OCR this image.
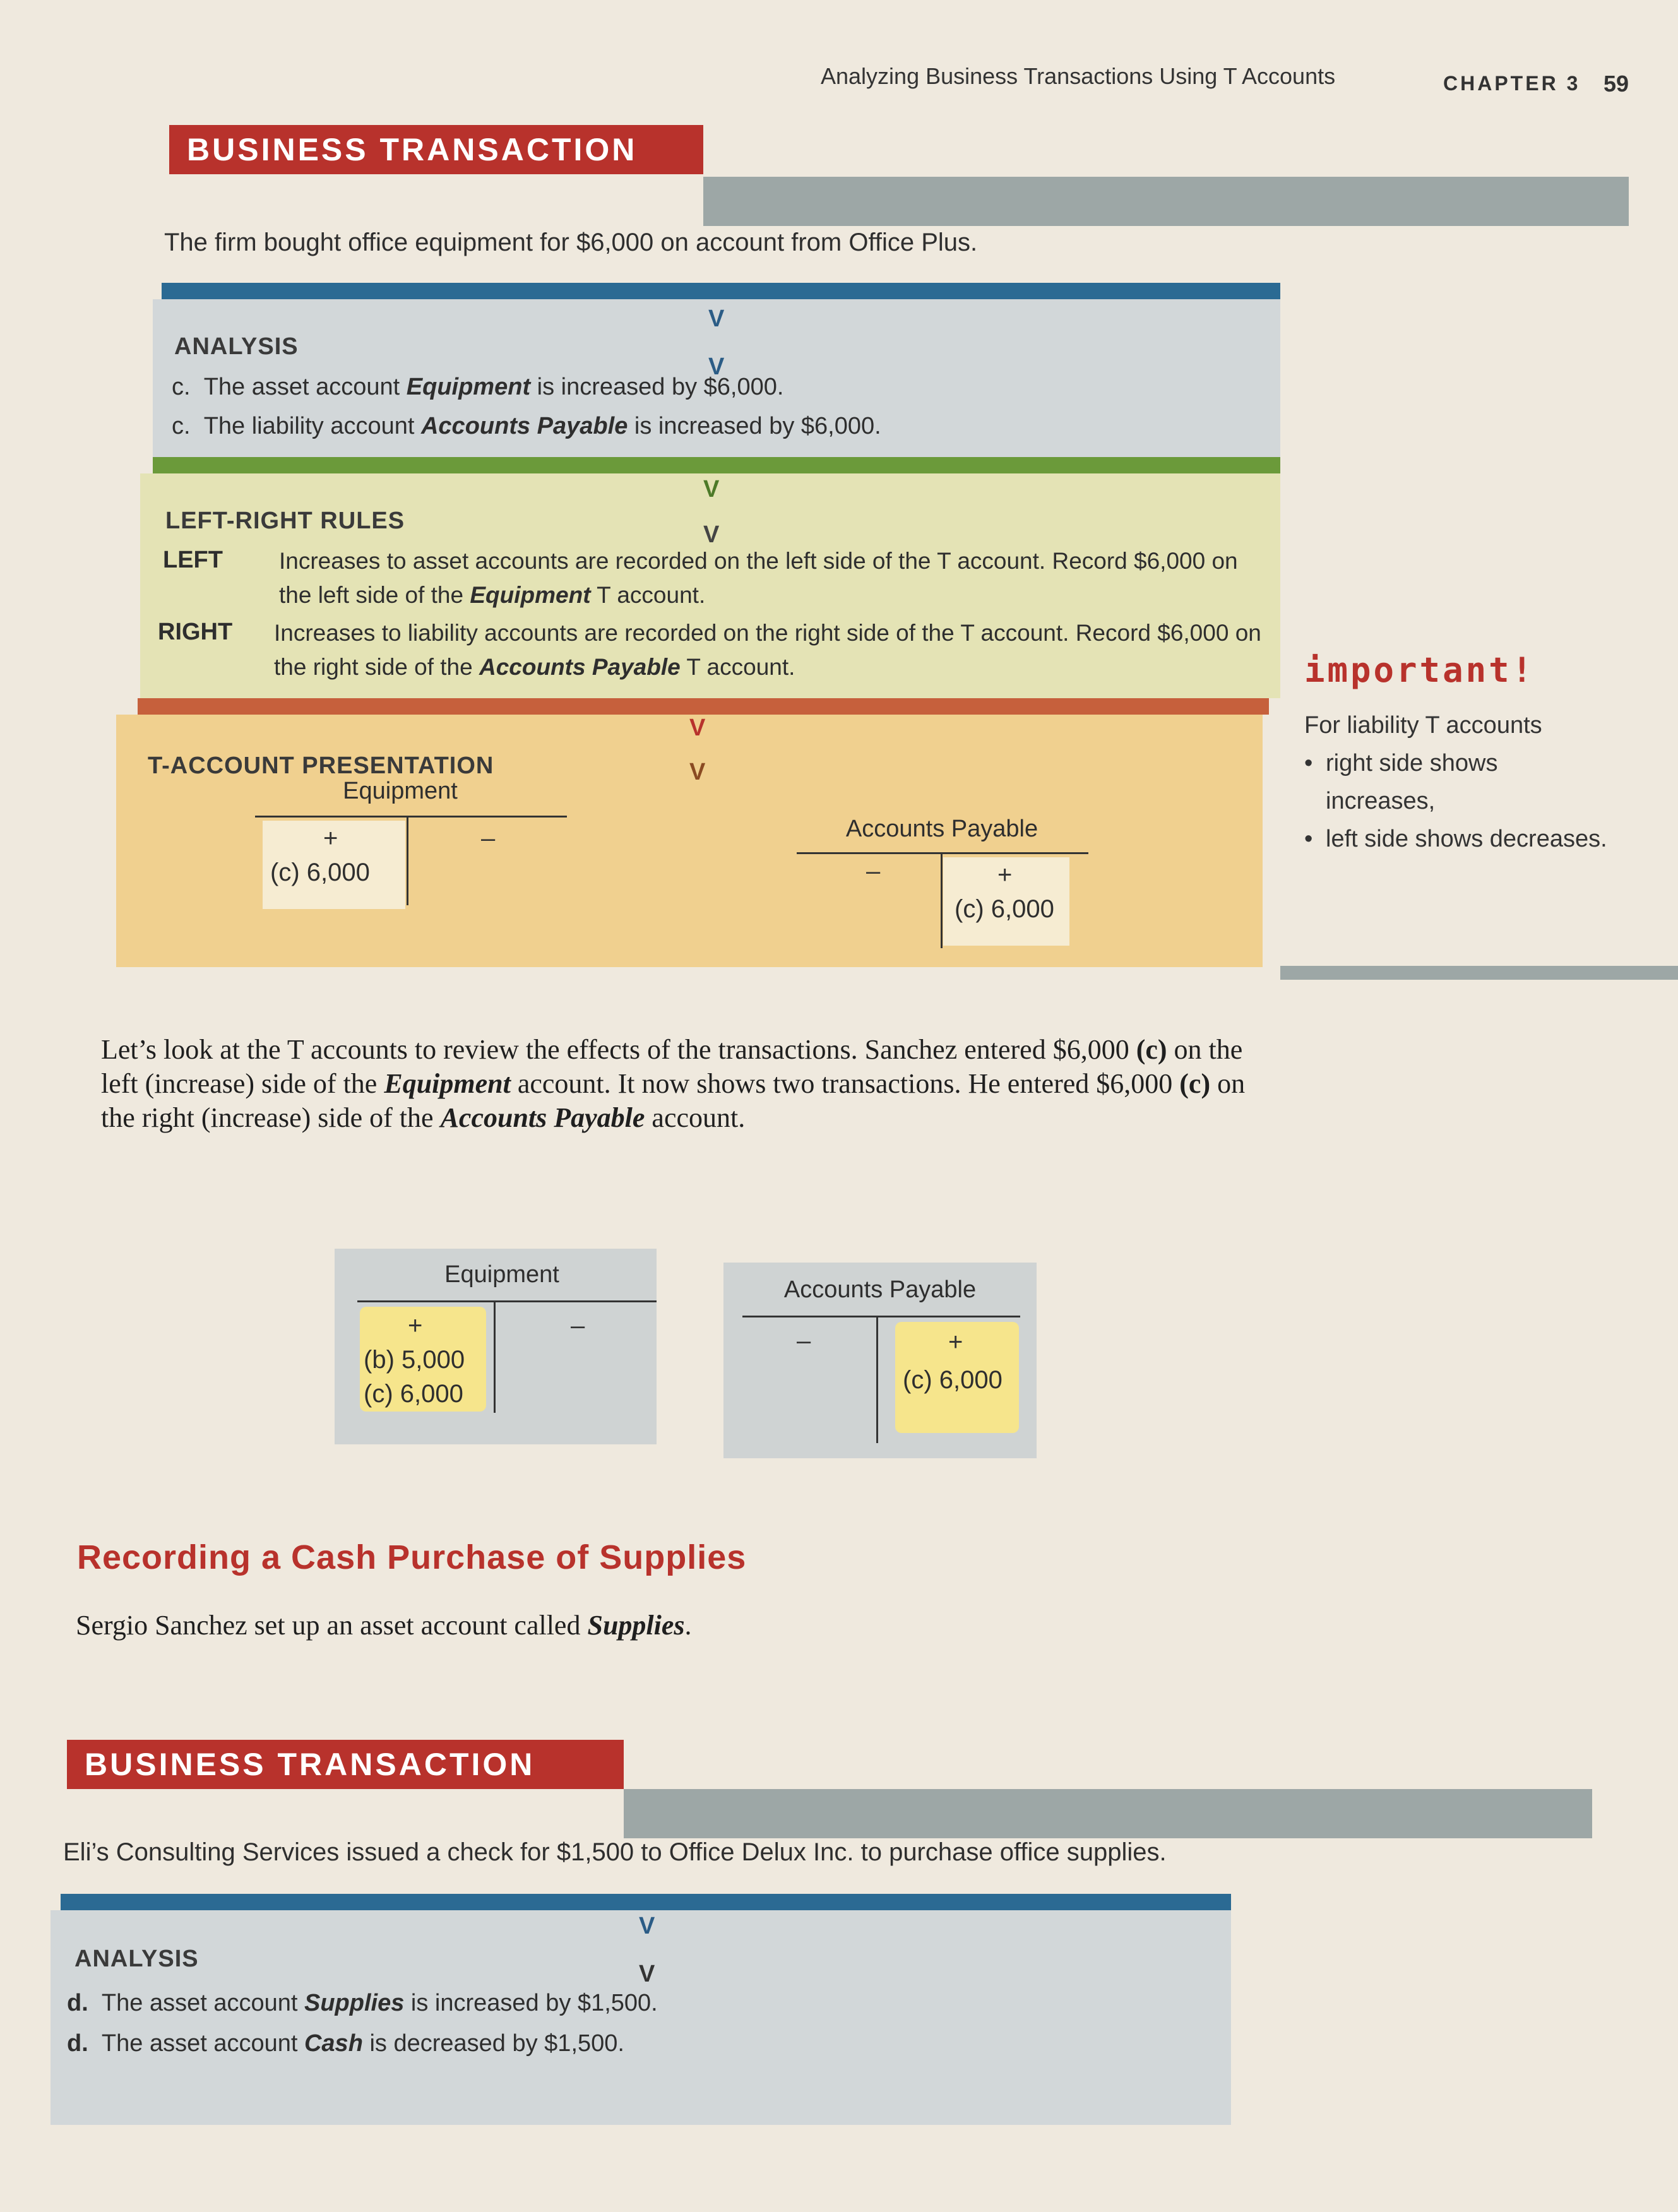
Analyzing Business Transactions Using T Accounts	CHAPTER 3 59
BUSINESS TRANSACTION
The firm bought office equipment for $6,000 on account from Office Plus.
ANALYSIS
V
V
c. The asset account Equipment is increased by $6,000.
c. The liability account Accounts Payable is increased by $6,000.
LEFT-RIGHT RULES
V
V
LEFT Increases to asset accounts are recorded on the left side of the T account. Record $6,000 on the left side of the Equipment T account.
RIGHT Increases to liability accounts are recorded on the right side of the T account. Record $6,000 on the right side of the Accounts Payable T account.
T-ACCOUNT PRESENTATION
V
V
Equipment
+	–
(c) 6,000
Accounts Payable
–	+
(c) 6,000
important!
For liability T accounts
• right side shows increases,
• left side shows decreases.
Let’s look at the T accounts to review the effects of the transactions. Sanchez entered $6,000 (c) on the left (increase) side of the Equipment account. It now shows two transactions. He entered $6,000 (c) on the right (increase) side of the Accounts Payable account.
Equipment
+	–
(b) 5,000
(c) 6,000
Accounts Payable
–	+
(c) 6,000
Recording a Cash Purchase of Supplies
Sergio Sanchez set up an asset account called Supplies.
BUSINESS TRANSACTION
Eli’s Consulting Services issued a check for $1,500 to Office Delux Inc. to purchase office supplies.
ANALYSIS
V
V
d. The asset account Supplies is increased by $1,500.
d. The asset account Cash is decreased by $1,500.
